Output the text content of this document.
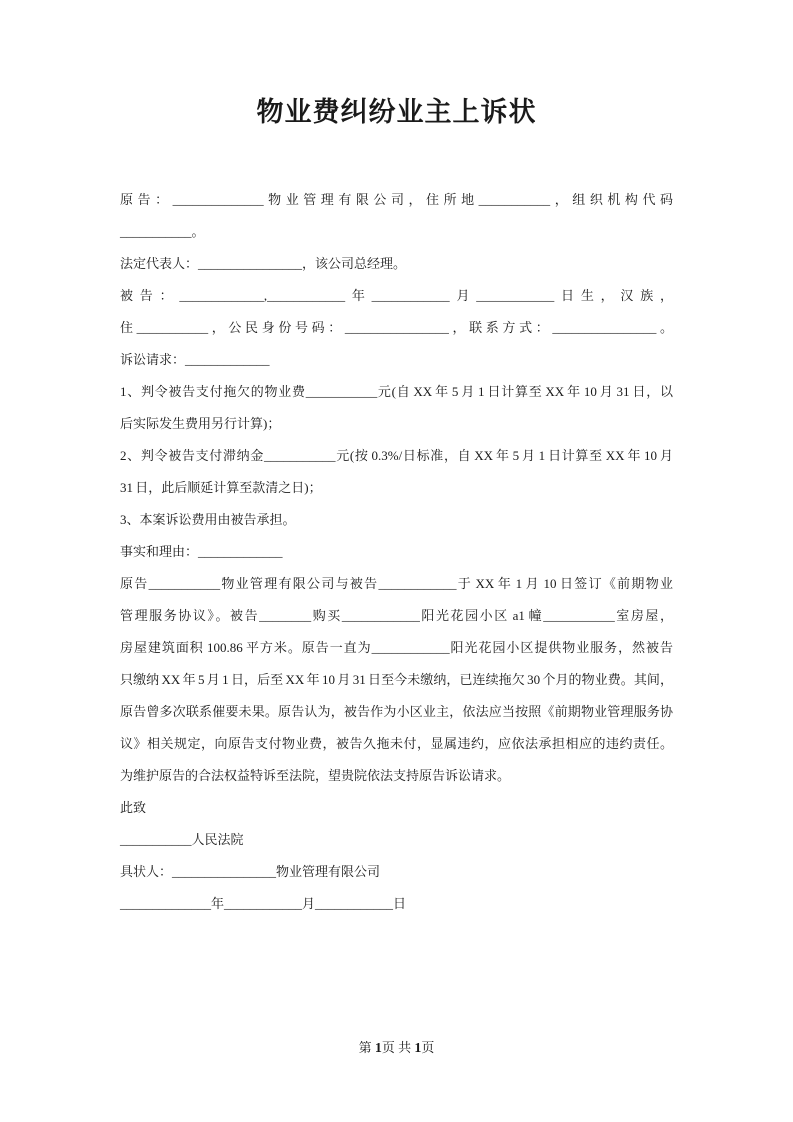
物业费纠纷业主上诉状
原告：______________物业管理有限公司，住所地___________，组织机构代码
___________。
法定代表人：________________，该公司总经理。
被告：_____________,____________年____________月____________日生，汉族，
住___________，公民身份号码：________________，联系方式：________________。
诉讼请求：_____________
1、判令被告支付拖欠的物业费___________元(自 XX 年 5 月 1 日计算至 XX 年 10 月 31 日，以
后实际发生费用另行计算)；
2、判令被告支付滞纳金___________元(按 0.3%/日标准，自 XX 年 5 月 1 日计算至 XX 年 10 月
31 日，此后顺延计算至款清之日)；
3、本案诉讼费用由被告承担。
事实和理由：_____________
原告___________物业管理有限公司与被告____________于 XX 年 1 月 10 日签订《前期物业
管理服务协议》。被告________购买____________阳光花园小区 a1 幢___________室房屋，
房屋建筑面积 100.86 平方米。原告一直为____________阳光花园小区提供物业服务，然被告
只缴纳 XX 年 5 月 1 日，后至 XX 年 10 月 31 日至今未缴纳，已连续拖欠 30 个月的物业费。其间，
原告曾多次联系催要未果。原告认为，被告作为小区业主，依法应当按照《前期物业管理服务协
议》相关规定，向原告支付物业费，被告久拖未付，显属违约，应依法承担相应的违约责任。
为维护原告的合法权益特诉至法院，望贵院依法支持原告诉讼请求。
此致
___________人民法院
具状人：________________物业管理有限公司
______________年____________月____________日
第 1页 共 1页
